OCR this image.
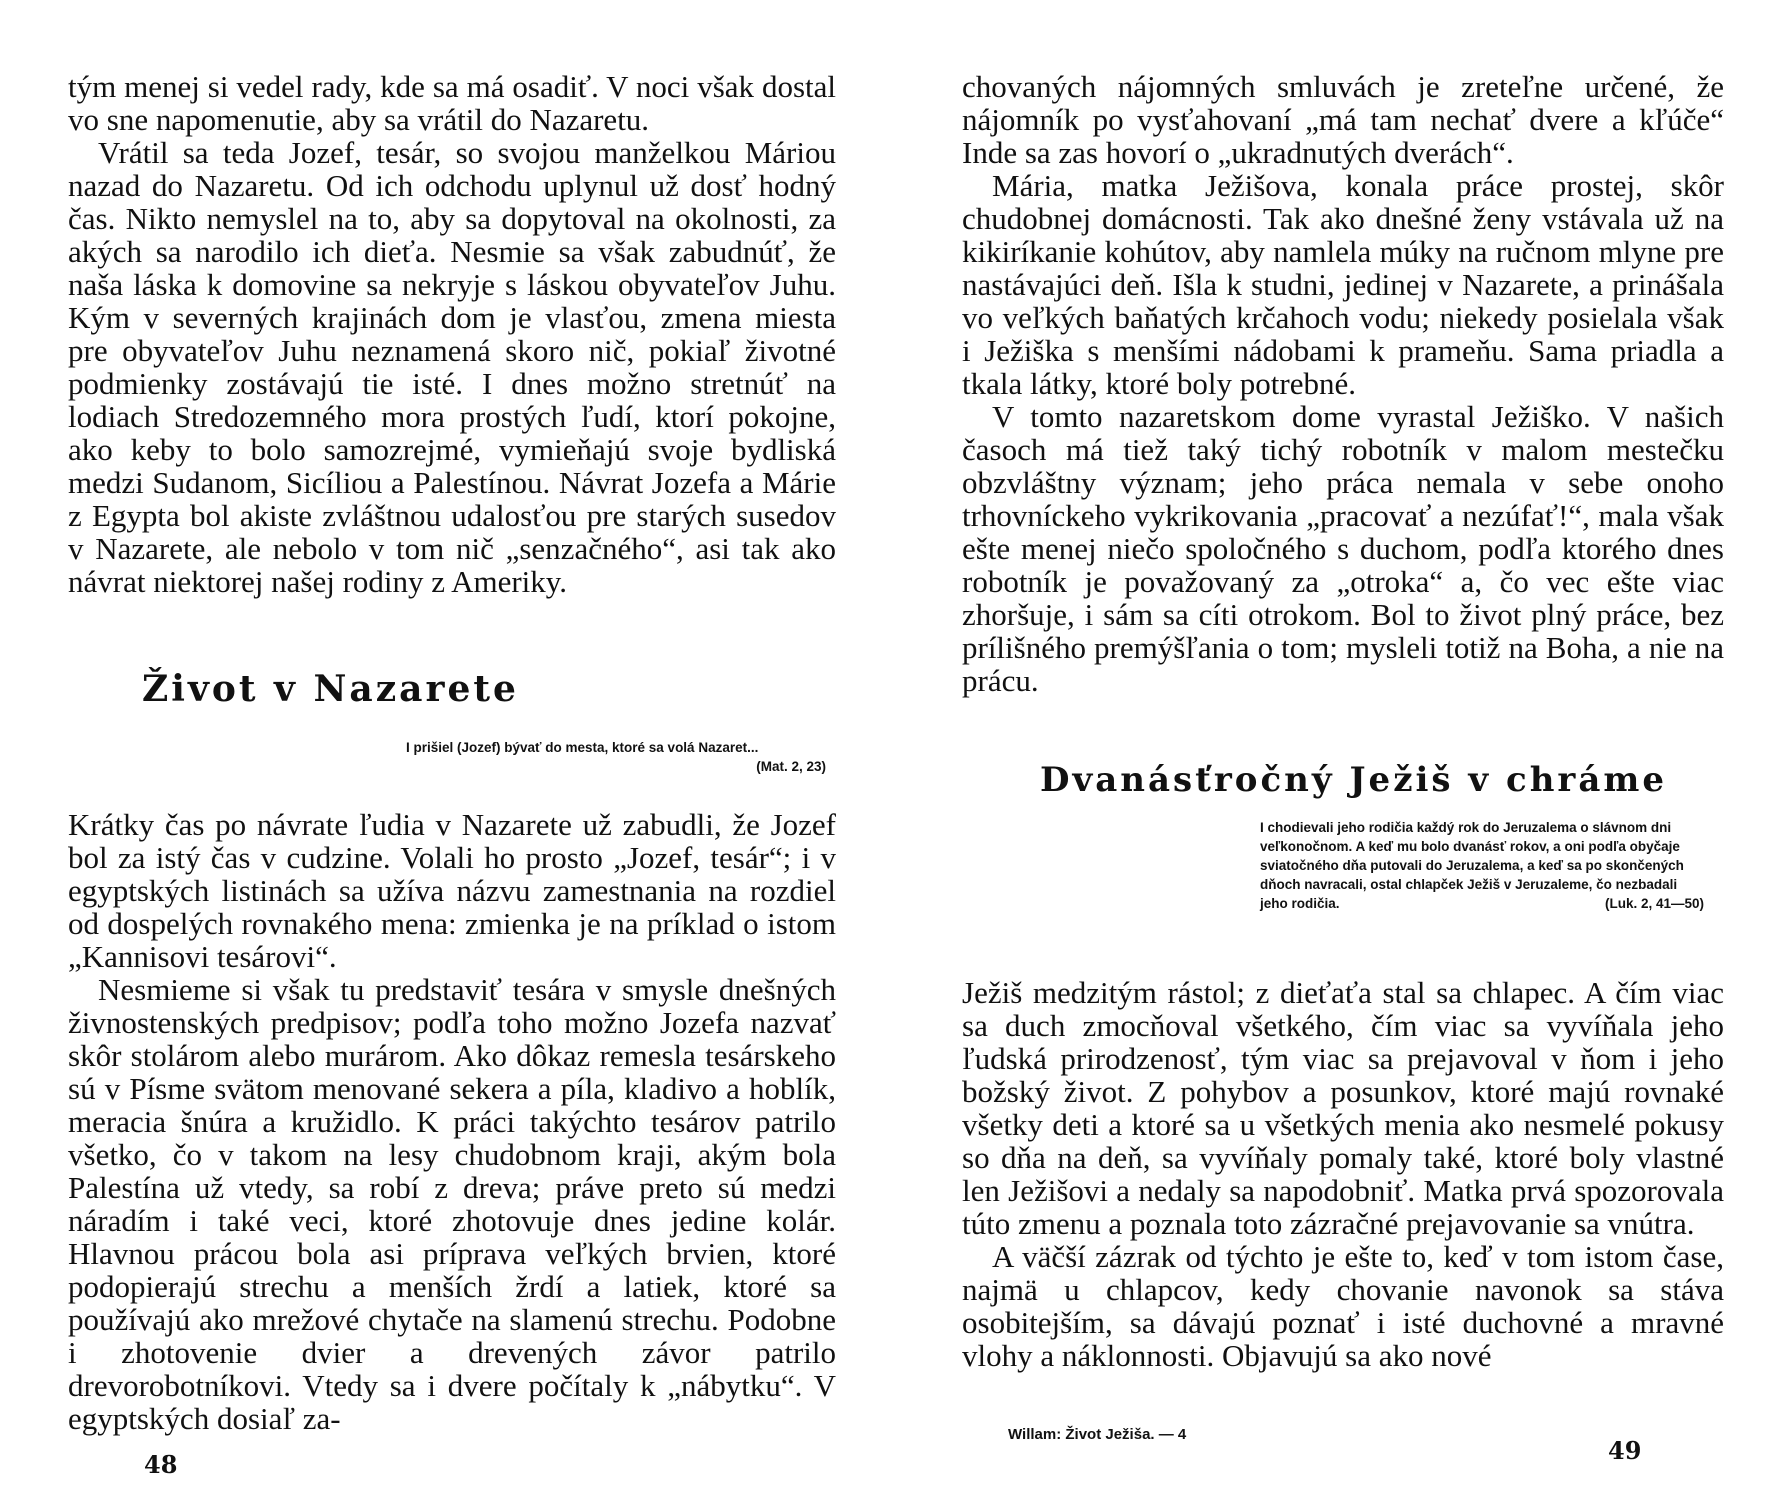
tým menej si vedel rady, kde sa má osadiť. V noci však dostal vo sne napomenutie, aby sa vrátil do Nazaretu.

Vrátil sa teda Jozef, tesár, so svojou manželkou Máriou nazad do Nazaretu. Od ich odchodu uplynul už dosť hodný čas. Nikto nemyslel na to, aby sa dopytoval na okolnosti, za akých sa narodilo ich dieťa. Nesmie sa však zabudnúť, že naša láska k domovine sa nekryje s láskou obyvateľov Juhu. Kým v severných krajinách dom je vlasťou, zmena miesta pre obyvateľov Juhu neznamená skoro nič, pokiaľ životné podmienky zostávajú tie isté. I dnes možno stretnúť na lodiach Stredozemného mora prostých ľudí, ktorí pokojne, ako keby to bolo samozrejmé, vymieňajú svoje bydliská medzi Sudanom, Sicíliou a Palestínou. Návrat Jozefa a Márie z Egypta bol akiste zvláštnou udalosťou pre starých susedov v Nazarete, ale nebolo v tom nič „senzačného“, asi tak ako návrat niektorej našej rodiny z Ameriky.

Život v Nazarete
I prišiel (Jozef) bývať do mesta, ktoré sa volá Nazaret...
(Mat. 2, 23)

Krátky čas po návrate ľudia v Nazarete už zabudli, že Jozef bol za istý čas v cudzine. Volali ho prosto „Jozef, tesár“; i v egyptských listinách sa užíva názvu zamestnania na rozdiel od dospelých rovnakého mena: zmienka je na príklad o istom „Kannisovi tesárovi“.

Nesmieme si však tu predstaviť tesára v smysle dnešných živnostenských predpisov; podľa toho možno Jozefa nazvať skôr stolárom alebo murárom. Ako dôkaz remesla tesárskeho sú v Písme svätom menované sekera a píla, kladivo a hoblík, meracia šnúra a kružidlo. K práci takýchto tesárov patrilo všetko, čo v takom na lesy chudobnom kraji, akým bola Palestína už vtedy, sa robí z dreva; práve preto sú medzi náradím i také veci, ktoré zhotovuje dnes jedine kolár. Hlavnou prácou bola asi príprava veľkých brvien, ktoré podopierajú strechu a menších žrdí a latiek, ktoré sa používajú ako mrežové chytače na slamenú strechu. Podobne i zhotovenie dvier a drevených závor patrilo drevorobotníkovi. Vtedy sa i dvere počítaly k „nábytku“. V egyptských dosiaľ za-

48

chovaných nájomných smluvách je zreteľne určené, že nájomník po vysťahovaní „má tam nechať dvere a kľúče“ Inde sa zas hovorí o „ukradnutých dverách“.

Mária, matka Ježišova, konala práce prostej, skôr chudobnej domácnosti. Tak ako dnešné ženy vstávala už na kikiríkanie kohútov, aby namlela múky na ručnom mlyne pre nastávajúci deň. Išla k studni, jedinej v Nazarete, a prinášala vo veľkých baňatých krčahoch vodu; niekedy posielala však i Ježiška s menšími nádobami k prameňu. Sama priadla a tkala látky, ktoré boly potrebné.

V tomto nazaretskom dome vyrastal Ježiško. V našich časoch má tiež taký tichý robotník v malom mestečku obzvláštny význam; jeho práca nemala v sebe onoho trhovníckeho vykrikovania „pracovať a nezúfať!“, mala však ešte menej niečo spoločného s duchom, podľa ktorého dnes robotník je považovaný za „otroka“ a, čo vec ešte viac zhoršuje, i sám sa cíti otrokom. Bol to život plný práce, bez prílišného premýšľania o tom; mysleli totiž na Boha, a nie na prácu.

Dvanásťročný Ježiš v chráme
I chodievali jeho rodičia každý rok do Jeruzalema o slávnom dni veľkonočnom. A keď mu bolo dvanásť rokov, a oni podľa obyčaje sviatočného dňa putovali do Jeruzalema, a keď sa po skončených dňoch navracali, ostal chlapček Ježiš v Jeruzaleme, čo nezbadali jeho rodičia.	(Luk. 2, 41—50)

Ježiš medzitým rástol; z dieťaťa stal sa chlapec. A čím viac sa duch zmocňoval všetkého, čím viac sa vyvíňala jeho ľudská prirodzenosť, tým viac sa prejavoval v ňom i jeho božský život. Z pohybov a posunkov, ktoré majú rovnaké všetky deti a ktoré sa u všetkých menia ako nesmelé pokusy so dňa na deň, sa vyvíňaly pomaly také, ktoré boly vlastné len Ježišovi a nedaly sa napodobniť. Matka prvá spozorovala túto zmenu a poznala toto zázračné prejavovanie sa vnútra.

A väčší zázrak od týchto je ešte to, keď v tom istom čase, najmä u chlapcov, kedy chovanie navonok sa stáva osobitejším, sa dávajú poznať i isté duchovné a mravné vlohy a náklonnosti. Objavujú sa ako nové

Willam: Život Ježiša. — 4
49
